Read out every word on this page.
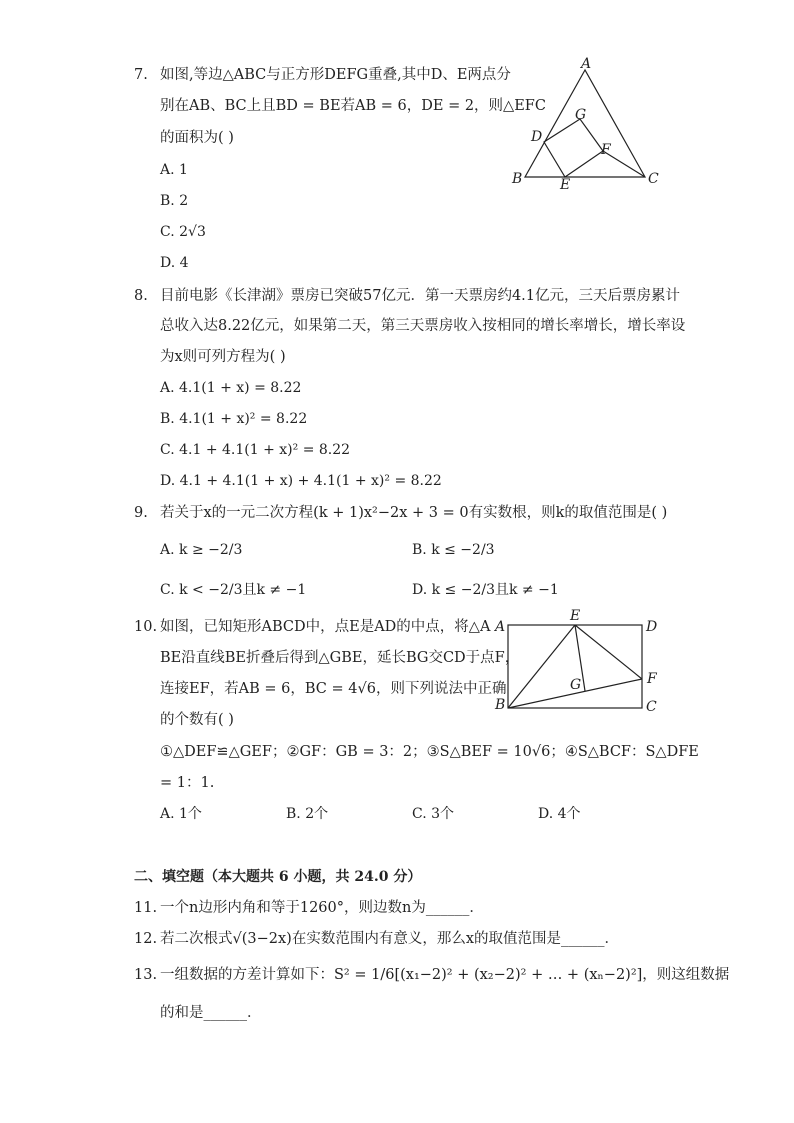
7. 如图,等边△ABC与正方形DEFG重叠,其中D、E两点分
别在AB、BC上且BD = BE若AB = 6，DE = 2，则△EFC
的面积为( )
A. 1
B. 2
C. 2√3
D. 4
A
B	C
D
E
F
G
8. 目前电影《长津湖》票房已突破57亿元．第一天票房约4.1亿元，三天后票房累计
总收入达8.22亿元，如果第二天，第三天票房收入按相同的增长率增长，增长率设
为x则可列方程为( )
A. 4.1(1 + x) = 8.22
B. 4.1(1 + x)² = 8.22
C. 4.1 + 4.1(1 + x)² = 8.22
D. 4.1 + 4.1(1 + x) + 4.1(1 + x)² = 8.22
9. 若关于x的一元二次方程(k + 1)x²−2x + 3 = 0有实数根，则k的取值范围是( )
A. k ≥ −2/3	B. k ≤ −2/3
C. k < −2/3且k ≠ −1	D. k ≤ −2/3且k ≠ −1
10. 如图，已知矩形ABCD中，点E是AD的中点，将△A
BE沿直线BE折叠后得到△GBE，延长BG交CD于点F，
连接EF，若AB = 6，BC = 4√6，则下列说法中正确
的个数有( )
①△DEF≌△GEF；②GF：GB = 3：2；③S△BEF = 10√6；④S△BCF：S△DFE
= 1：1.
A. 1个	B. 2个	C. 3个	D. 4个
A
E
D
F
G
B	C
二、填空题（本大题共 6 小题，共 24.0 分）
11. 一个n边形内角和等于1260°，则边数n为______．
12. 若二次根式√(3−2x)在实数范围内有意义，那么x的取值范围是______．
13. 一组数据的方差计算如下：S² = 1/6[(x₁−2)² + (x₂−2)² + … + (xₙ−2)²]，则这组数据
的和是______．
